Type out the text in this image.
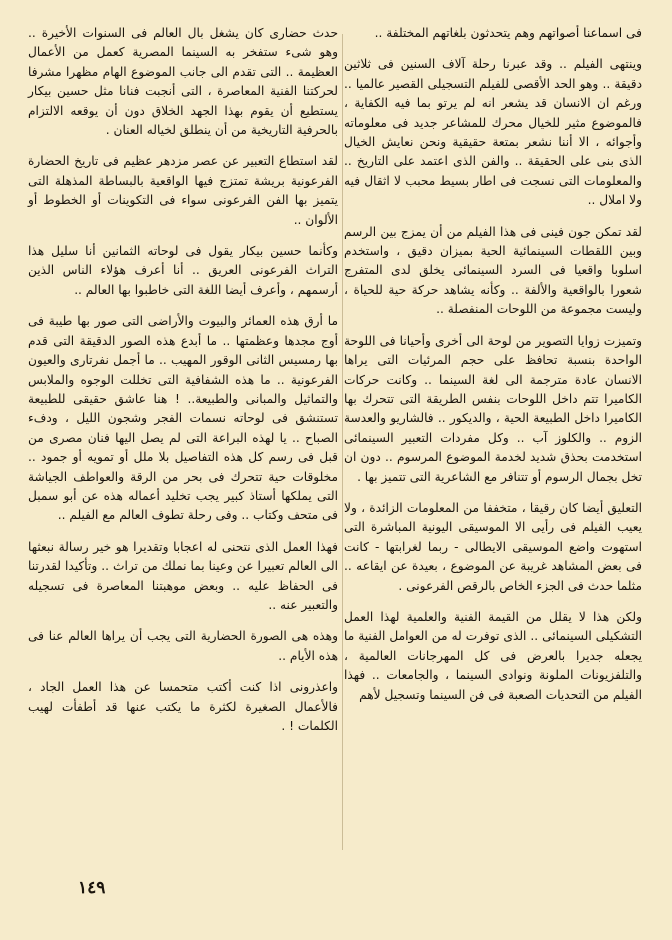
فى اسماعنا أصواتهم وهم يتحدثون بلغاتهم المختلفة ..

وينتهى الفيلم .. وقد عبرنا رحلة آلاف السنين فى ثلاثين دقيقة .. وهو الحد الأقصى للفيلم التسجيلى القصير عالميا .. ورغم ان الانسان قد يشعر انه لم يرتو بما فيه الكفاية ، فالموضوع مثير للخيال محرك للمشاعر جديد فى معلوماته وأجوائه ، الا أننا نشعر بمتعة حقيقية ونحن نعايش الخيال الذى بنى على الحقيقة .. والفن الذى اعتمد على التاريخ .. والمعلومات التى نسجت فى اطار بسيط محبب لا اثقال فيه ولا املال ..

لقد تمكن جون فينى فى هذا الفيلم من أن يمزج بين الرسم وبين اللقطات السينمائية الحية بميزان دقيق ، واستخدم اسلوبا واقعيا فى السرد السينمائى يخلق لدى المتفرج شعورا بالواقعية والألفة .. وكأنه يشاهد حركة حية للحياة ، وليست مجموعة من اللوحات المنفصلة ..

وتميزت زوايا التصوير من لوحة الى أخرى وأحيانا فى اللوحة الواحدة بنسبة تحافظ على حجم المرئيات التى يراها الانسان عادة مترجمة الى لغة السينما .. وكانت حركات الكاميرا تتم داخل اللوحات بنفس الطريقة التى تتحرك بها الكاميرا داخل الطبيعة الحية ، والديكور .. فالشاريو والعدسة الزوم .. والكلوز آب .. وكل مفردات التعبير السينمائى استخدمت بحذق شديد لخدمة الموضوع المرسوم .. دون ان تخل بجمال الرسوم أو تتنافر مع الشاعرية التى تتميز بها .

التعليق أيضا كان رقيقا ، متخففا من المعلومات الزائدة ، ولا يعيب الفيلم فى رأيى الا الموسيقى اليونية المباشرة التى استهوت واضع الموسيقى الايطالى - ربما لغرابتها - كانت فى بعض المشاهد غريبة عن الموضوع ، بعيدة عن ايقاعه .. مثلما حدث فى الجزء الخاص بالرقص الفرعونى .

ولكن هذا لا يقلل من القيمة الفنية والعلمية لهذا العمل التشكيلى السينمائى .. الذى توفرت له من العوامل الفنية ما يجعله جديرا بالعرض فى كل المهرجانات العالمية ، والتلفزيونات الملونة ونوادى السينما ، والجامعات .. فهذا الفيلم من التحديات الصعبة فى فن السينما وتسجيل لأهم

حدث حضارى كان يشغل بال العالم فى السنوات الأخيرة .. وهو شىء ستفخر به السينما المصرية كعمل من الأعمال العظيمة .. التى تقدم الى جانب الموضوع الهام مظهرا مشرفا لحركتنا الفنية المعاصرة ، التى أنجبت فنانا مثل حسين بيكار يستطيع أن يقوم بهذا الجهد الخلاق دون أن يوقعه الالتزام بالحرفية التاريخية من أن ينطلق لخياله العنان .

لقد استطاع التعبير عن عصر مزدهر عظيم فى تاريخ الحضارة الفرعونية بريشة تمتزج فيها الواقعية بالبساطة المذهلة التى يتميز بها الفن الفرعونى سواء فى التكوينات أو الخطوط أو الألوان ..

وكأنما حسين بيكار يقول فى لوحاته الثمانين أنا سليل هذا التراث الفرعونى العريق .. أنا أعرف هؤلاء الناس الذين أرسمهم ، وأعرف أيضا اللغة التى خاطبوا بها العالم ..

ما أرق هذه العمائر والبيوت والأراضى التى صور بها طيبة فى أوج مجدها وعظمتها .. ما أبدع هذه الصور الدقيقة التى قدم بها رمسيس الثانى الوقور المهيب .. ما أجمل نفرتارى والعيون الفرعونية .. ما هذه الشفافية التى تخللت الوجوه والملابس والتماثيل والمبانى والطبيعة.. ! هنا عاشق حقيقى للطبيعة تستنشق فى لوحاته نسمات الفجر وشجون الليل ، ودفء الصباح .. يا لهذه البراعة التى لم يصل اليها فنان مصرى من قبل فى رسم كل هذه التفاصيل بلا ملل أو تمويه أو جمود .. مخلوقات حية تتحرك فى بحر من الرقة والعواطف الجياشة التى يملكها أستاذ كبير يجب تخليد أعماله هذه عن أبو سمبل فى متحف وكتاب .. وفى رحلة تطوف العالم مع الفيلم ..

فهذا العمل الذى نتحنى له اعجابا وتقديرا هو خير رسالة نبعثها الى العالم تعبيرا عن وعينا بما نملك من تراث .. وتأكيدا لقدرتنا فى الحفاظ عليه .. وبعض موهبتنا المعاصرة فى تسجيله والتعبير عنه ..

وهذه هى الصورة الحضارية التى يجب أن يراها العالم عنا فى هذه الأيام ..

واعذرونى اذا كنت أكتب متحمسا عن هذا العمل الجاد ، فالأعمال الصغيرة لكثرة ما يكتب عنها قد أطفأت لهيب الكلمات ! .

١٤٩
